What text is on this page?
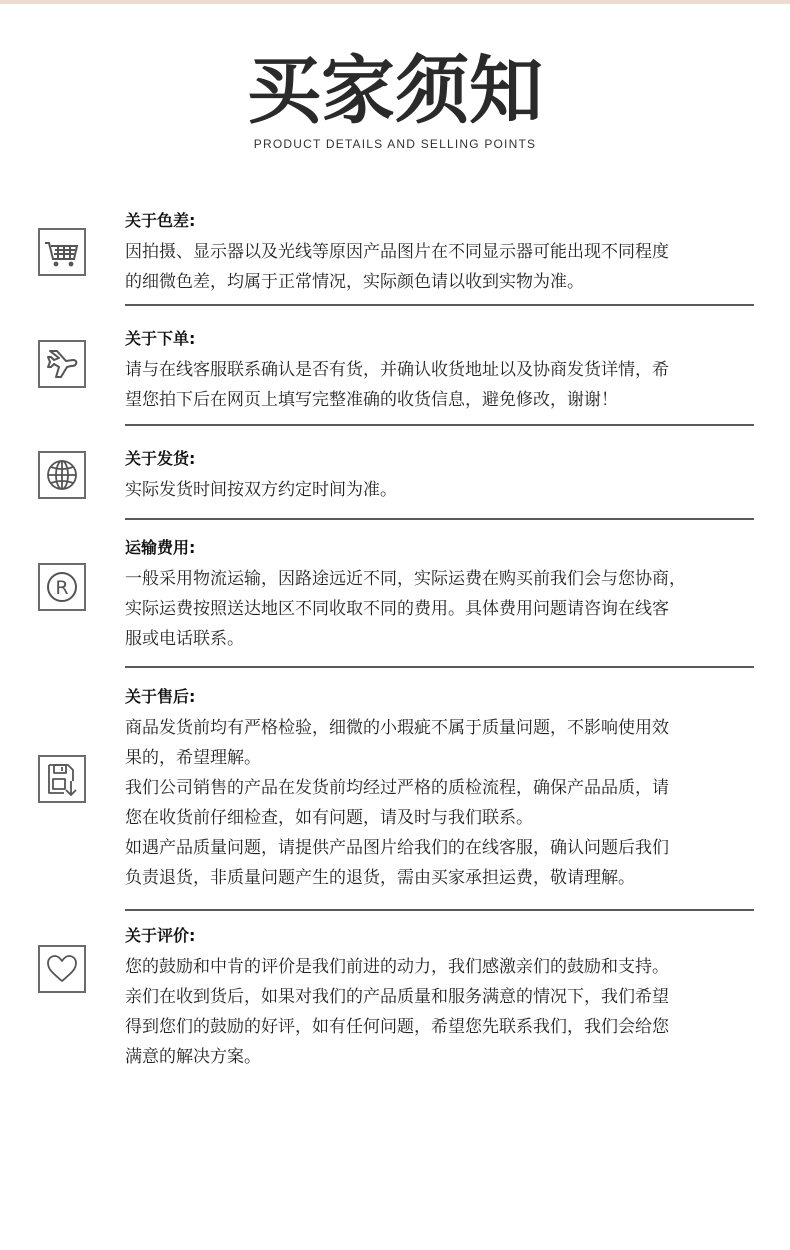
买家须知
PRODUCT DETAILS AND SELLING POINTS
关于色差:
因拍摄、显示器以及光线等原因产品图片在不同显示器可能出现不同程度
的细微色差，均属于正常情况，实际颜色请以收到实物为准。
关于下单:
请与在线客服联系确认是否有货，并确认收货地址以及协商发货详情，希
望您拍下后在网页上填写完整准确的收货信息，避免修改，谢谢！
关于发货:
实际发货时间按双方约定时间为准。
R
运输费用:
一般采用物流运输，因路途远近不同，实际运费在购买前我们会与您协商，
实际运费按照送达地区不同收取不同的费用。具体费用问题请咨询在线客
服或电话联系。
关于售后:
商品发货前均有严格检验，细微的小瑕疵不属于质量问题，不影响使用效
果的，希望理解。
我们公司销售的产品在发货前均经过严格的质检流程，确保产品品质，请
您在收货前仔细检查，如有问题，请及时与我们联系。
如遇产品质量问题，请提供产品图片给我们的在线客服，确认问题后我们
负责退货，非质量问题产生的退货，需由买家承担运费，敬请理解。
关于评价:
您的鼓励和中肯的评价是我们前进的动力，我们感激亲们的鼓励和支持。
亲们在收到货后，如果对我们的产品质量和服务满意的情况下，我们希望
得到您们的鼓励的好评，如有任何问题，希望您先联系我们，我们会给您
满意的解决方案。
